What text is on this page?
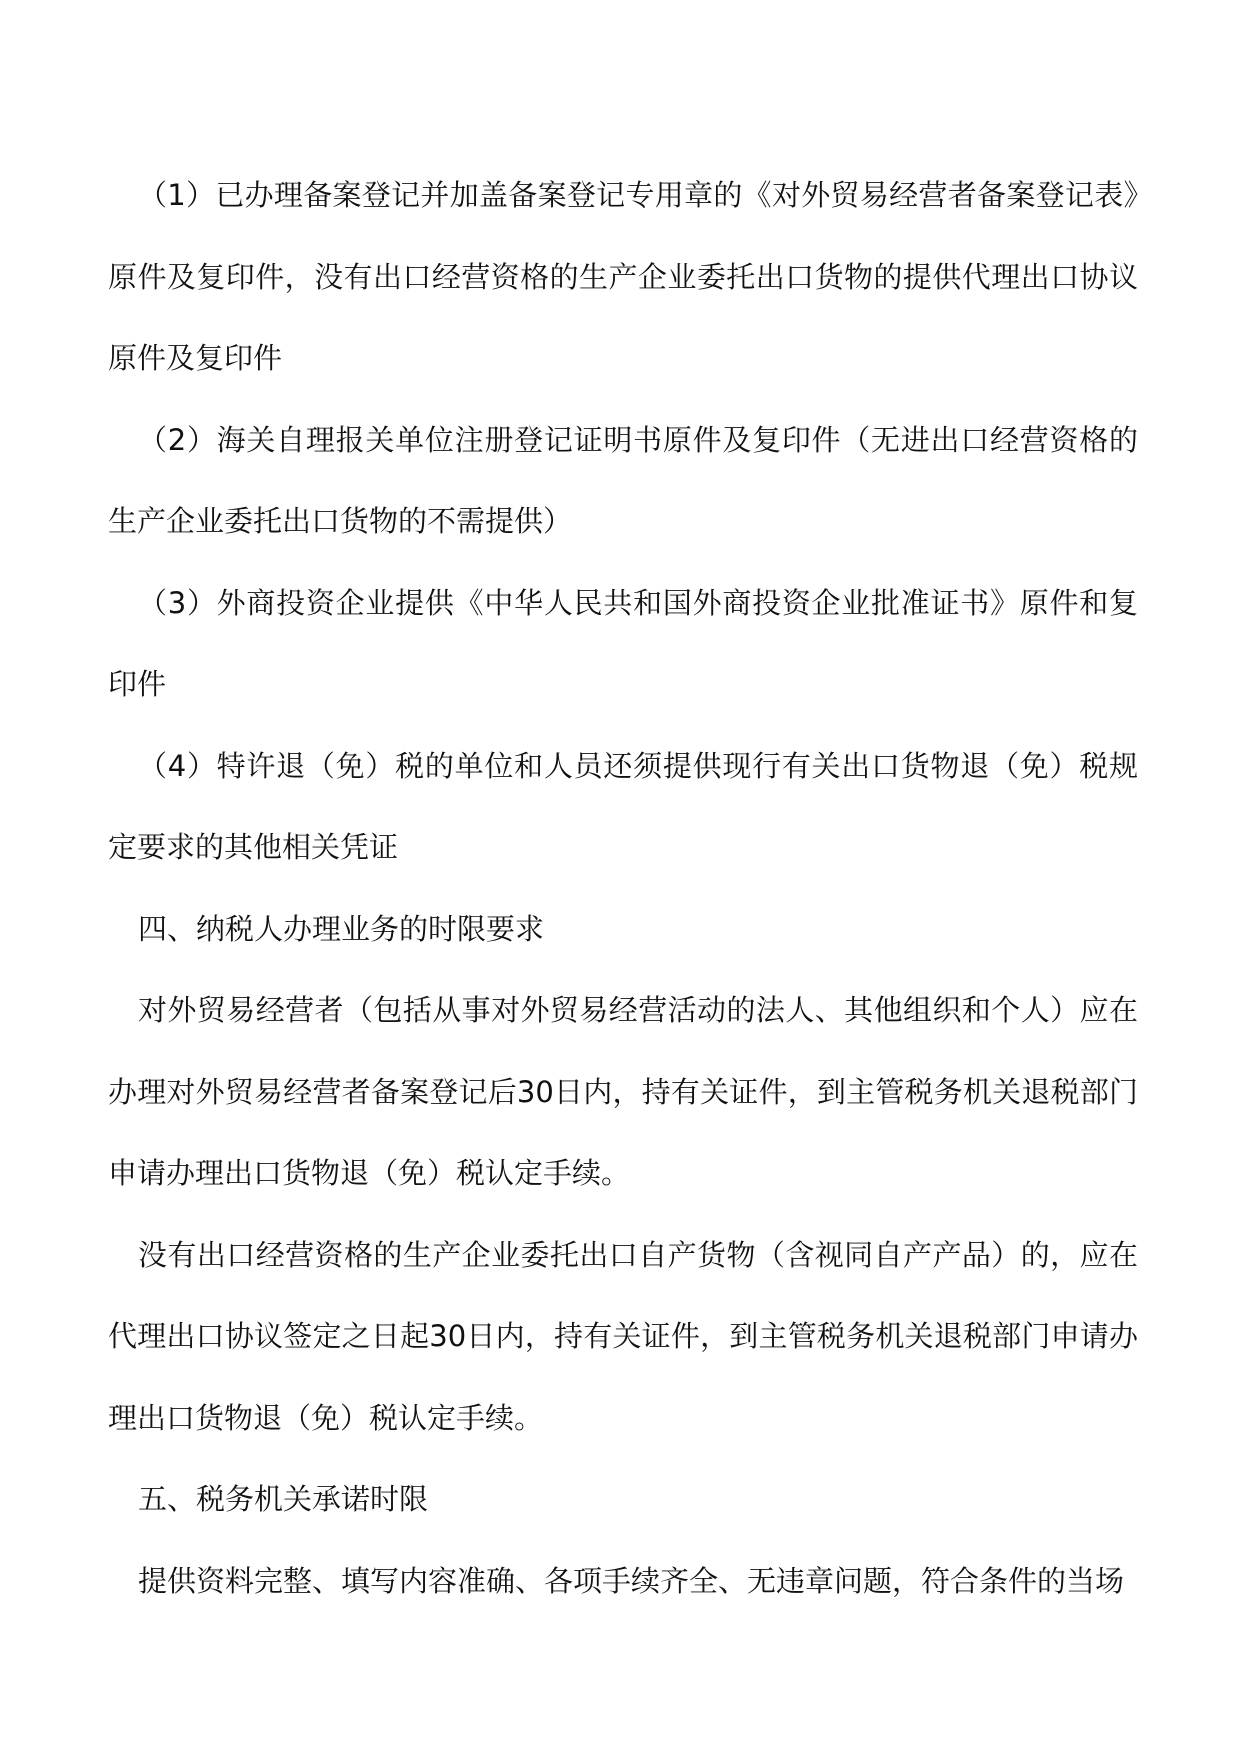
（1）已办理备案登记并加盖备案登记专用章的《对外贸易经营者备案登记表》原件及复印件，没有出口经营资格的生产企业委托出口货物的提供代理出口协议原件及复印件

（2）海关自理报关单位注册登记证明书原件及复印件（无进出口经营资格的生产企业委托出口货物的不需提供）

（3）外商投资企业提供《中华人民共和国外商投资企业批准证书》原件和复印件

（4）特许退（免）税的单位和人员还须提供现行有关出口货物退（免）税规定要求的其他相关凭证

四、纳税人办理业务的时限要求

对外贸易经营者（包括从事对外贸易经营活动的法人、其他组织和个人）应在办理对外贸易经营者备案登记后30日内，持有关证件，到主管税务机关退税部门申请办理出口货物退（免）税认定手续。

没有出口经营资格的生产企业委托出口自产货物（含视同自产产品）的，应在代理出口协议签定之日起30日内，持有关证件，到主管税务机关退税部门申请办理出口货物退（免）税认定手续。

五、税务机关承诺时限

提供资料完整、填写内容准确、各项手续齐全、无违章问题，符合条件的当场
